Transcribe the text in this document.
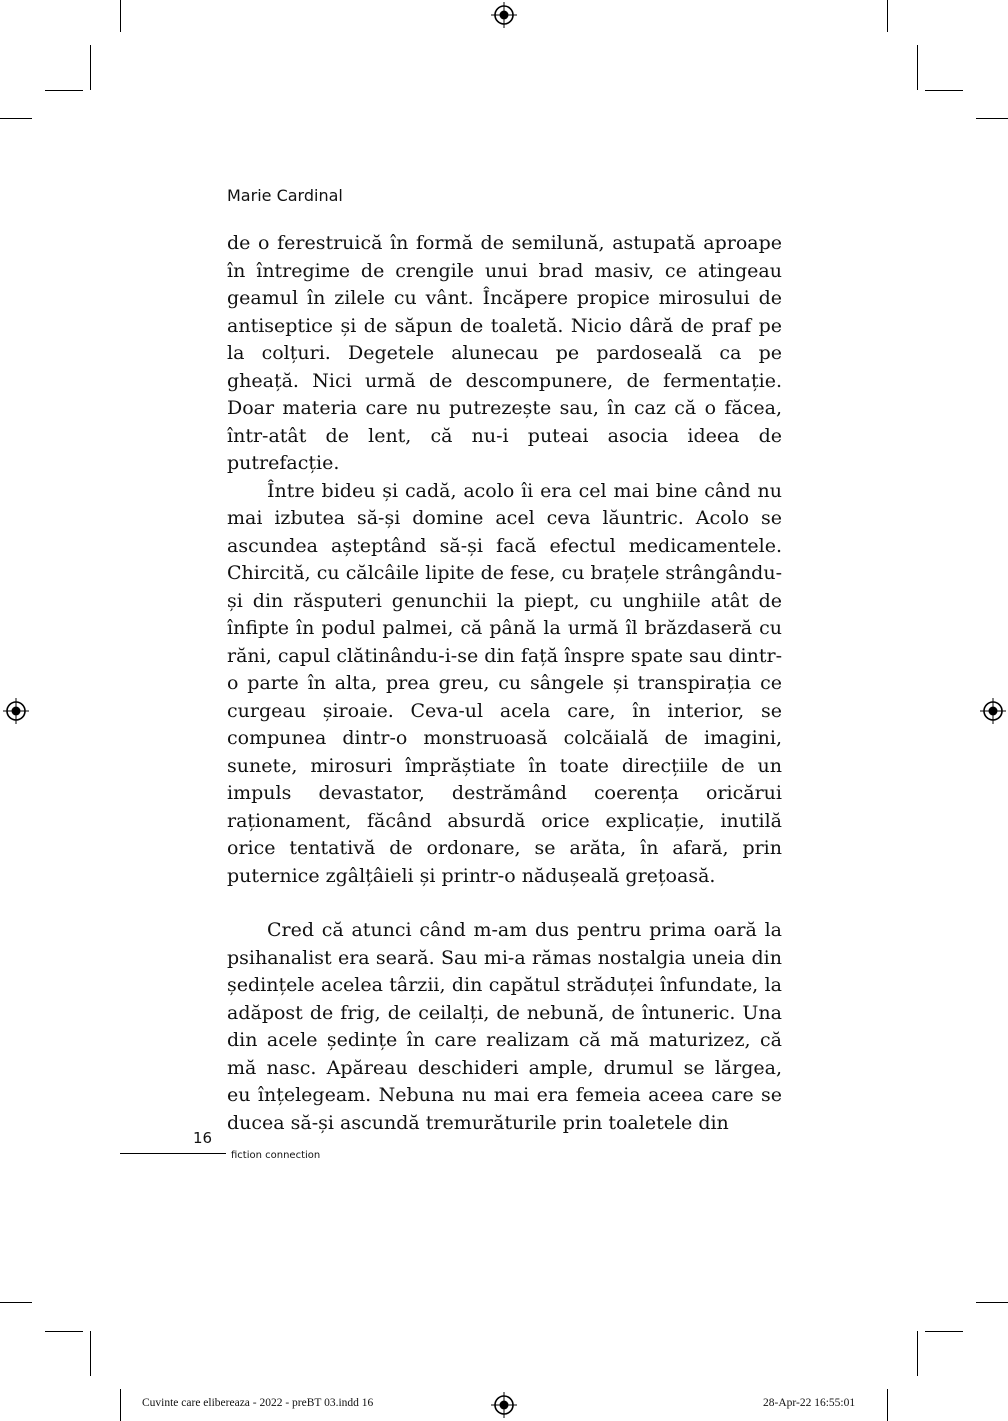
Marie Cardinal

de o ferestruică în formă de semilună, astupată aproape în întregime de crengile unui brad masiv, ce atingeau geamul în zilele cu vânt. Încăpere propice mirosului de antiseptice și de săpun de toaletă. Nicio dâră de praf pe la colțuri. Degetele alunecau pe pardoseală ca pe gheață. Nici urmă de descompunere, de fermentație. Doar materia care nu putrezește sau, în caz că o făcea, într-atât de lent, că nu-i puteai asocia ideea de putrefacție.

Între bideu și cadă, acolo îi era cel mai bine când nu mai izbutea să-și domine acel ceva lăuntric. Acolo se ascundea așteptând să-și facă efectul medicamentele. Chircită, cu călcâile lipite de fese, cu brațele strângându-și din răsputeri genunchii la piept, cu unghiile atât de înfipte în podul palmei, că până la urmă îl brăzdaseră cu răni, capul clătinându-i-se din față înspre spate sau dintr-o parte în alta, prea greu, cu sângele și transpirația ce curgeau șiroaie. Ceva-ul acela care, în interior, se compunea dintr-o monstruoasă colcăială de imagini, sunete, mirosuri împrăștiate în toate direcțiile de un impuls devastator, destrămând coerența oricărui raționament, făcând absurdă orice explicație, inutilă orice tentativă de ordonare, se arăta, în afară, prin puternice zgâlțâieli și printr-o nădușeală grețoasă.

Cred că atunci când m-am dus pentru prima oară la psihanalist era seară. Sau mi-a rămas nostalgia uneia din ședințele acelea târzii, din capătul străduței înfundate, la adăpost de frig, de ceilalți, de nebună, de întuneric. Una din acele ședințe în care realizam că mă maturizez, că mă nasc. Apăreau deschideri ample, drumul se lărgea, eu înțelegeam. Nebuna nu mai era femeia aceea care se ducea să-și ascundă tremurăturile prin toaletele din

16
fiction connection
Cuvinte care elibereaza - 2022 - preBT 03.indd 16	28-Apr-22 16:55:01
